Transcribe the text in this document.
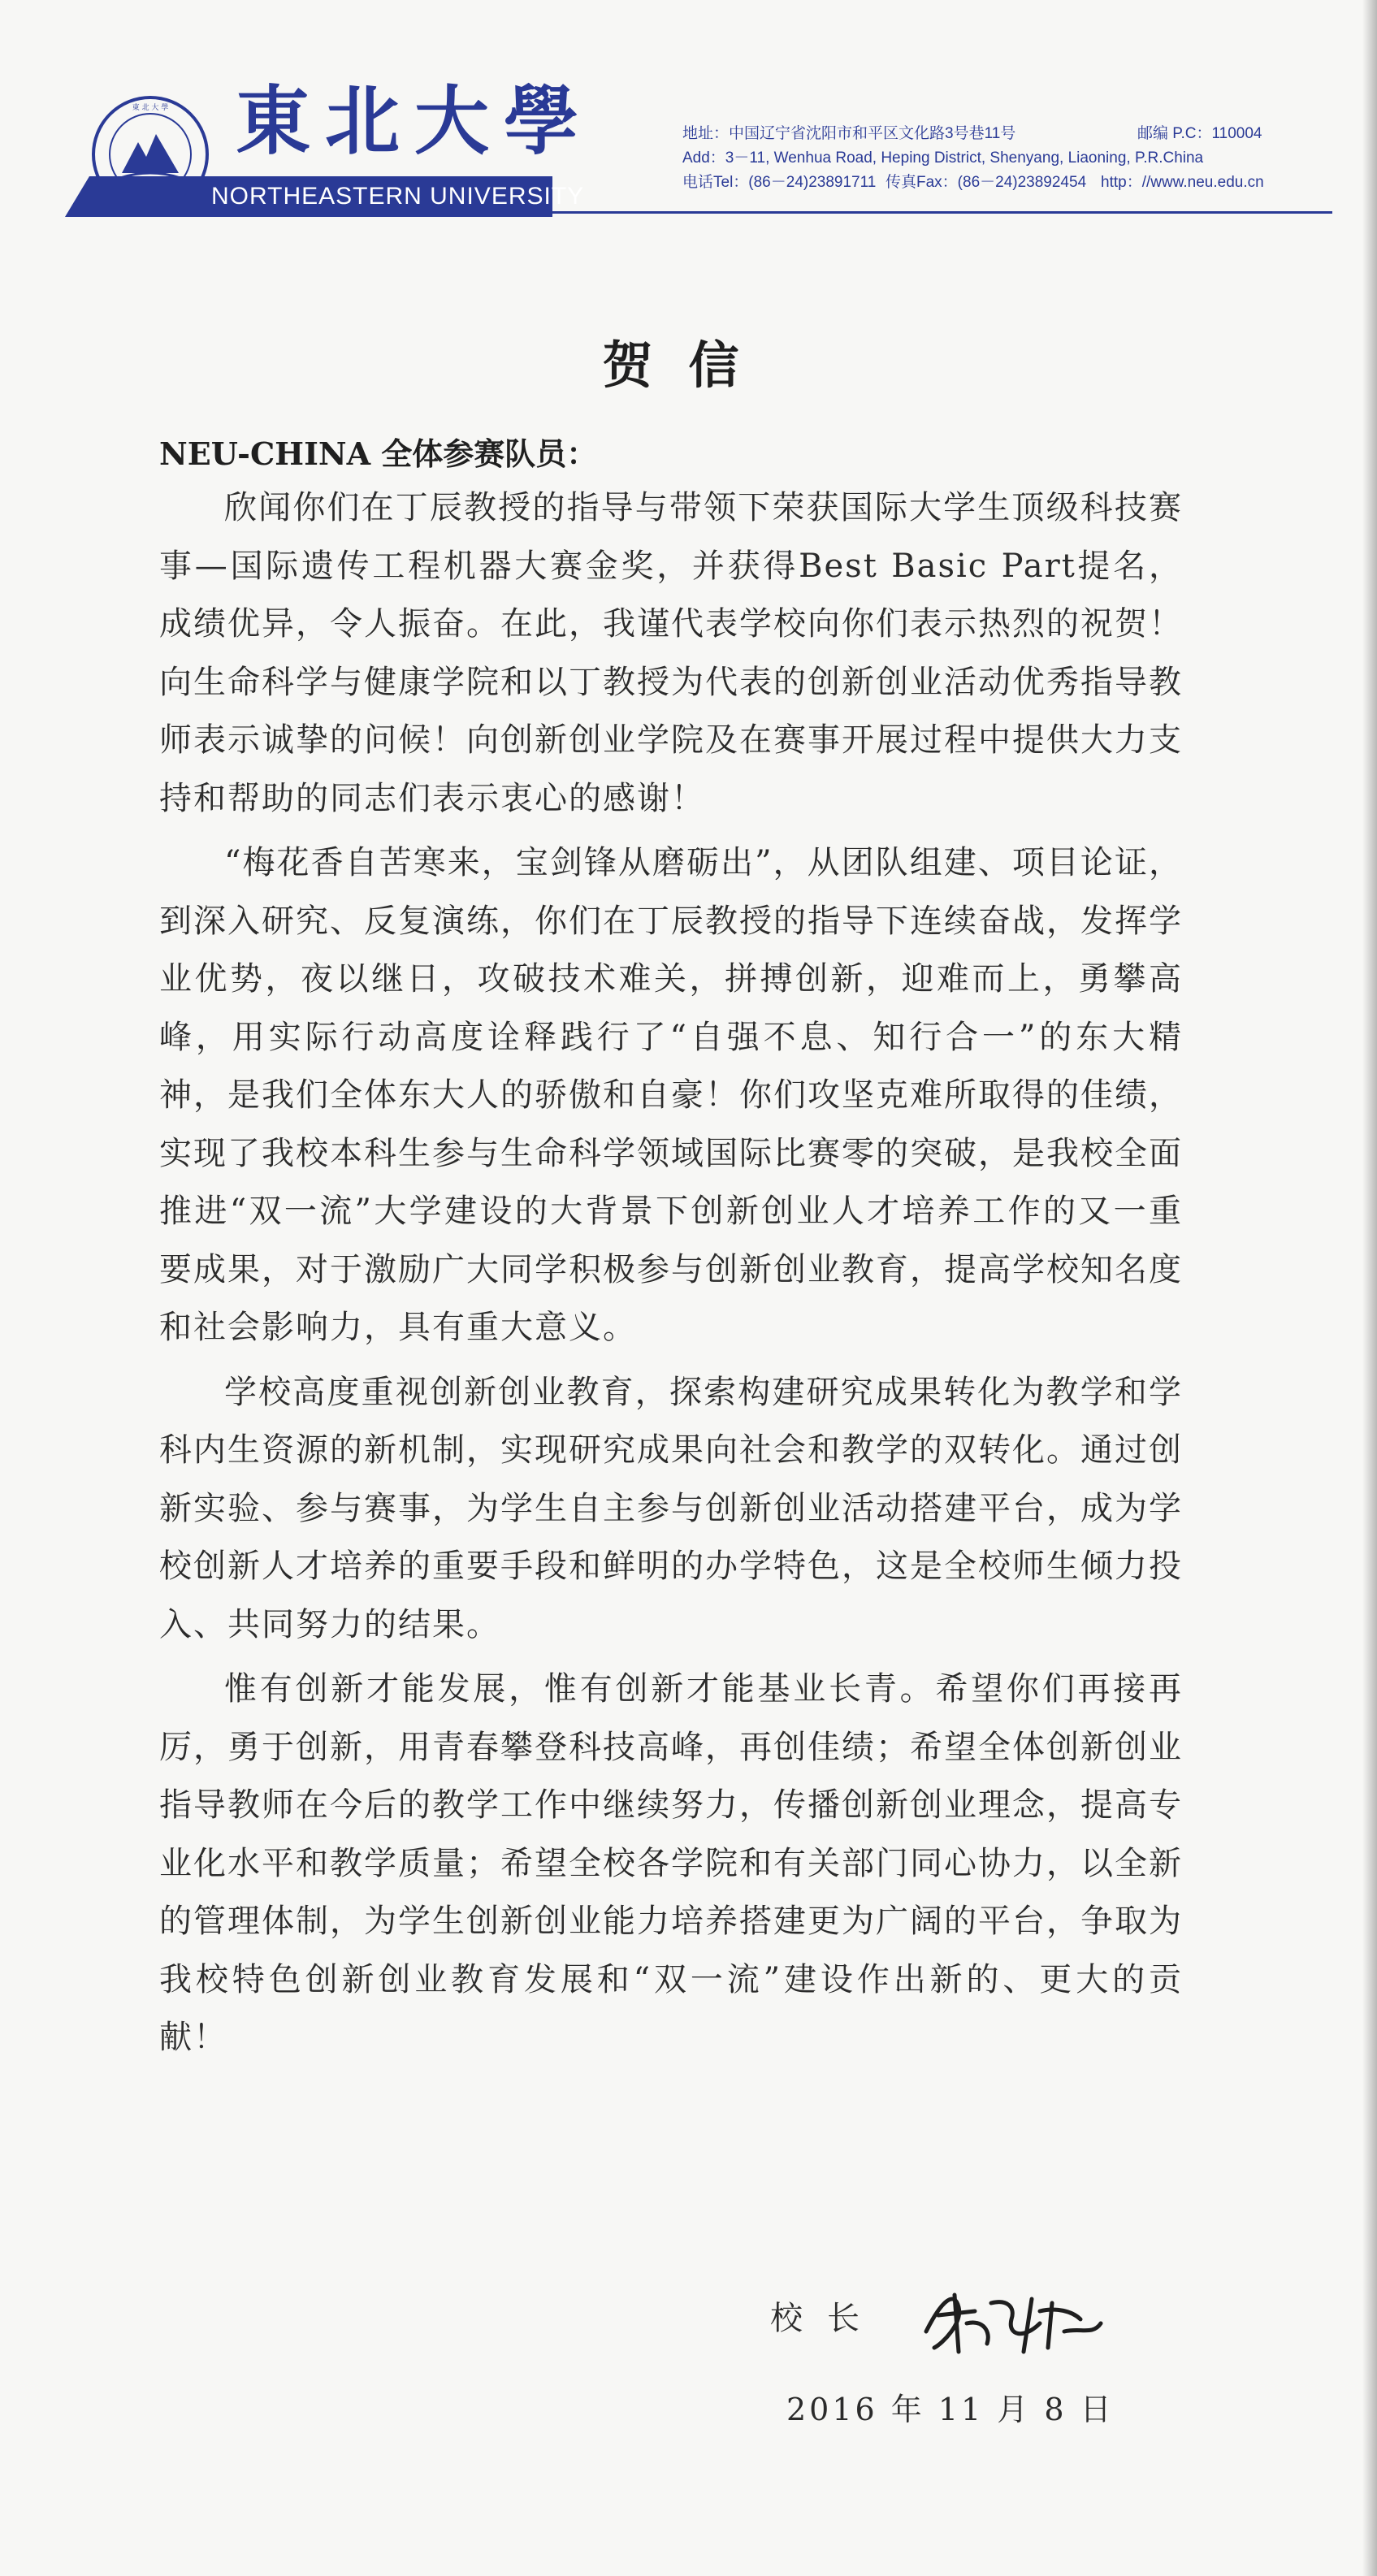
東 北 大 學 東北大學
NORTHEASTERN UNIVERSITY
地址：中国辽宁省沈阳市和平区文化路3号巷11号	邮编 P.C：110004
Add：3－11, Wenhua Road, Heping District, Shenyang, Liaoning, P.R.China
电话Tel：(86－24)23891711 传真Fax：(86－24)23892454 http：//www.neu.edu.cn
贺信

NEU-CHINA 全体参赛队员：

欣闻你们在丁辰教授的指导与带领下荣获国际大学生顶级科技赛事—国际遗传工程机器大赛金奖，并获得Best Basic Part提名，成绩优异，令人振奋。在此，我谨代表学校向你们表示热烈的祝贺！向生命科学与健康学院和以丁教授为代表的创新创业活动优秀指导教师表示诚挚的问候！向创新创业学院及在赛事开展过程中提供大力支持和帮助的同志们表示衷心的感谢！

“梅花香自苦寒来，宝剑锋从磨砺出”，从团队组建、项目论证，到深入研究、反复演练，你们在丁辰教授的指导下连续奋战，发挥学业优势，夜以继日，攻破技术难关，拼搏创新，迎难而上，勇攀高峰，用实际行动高度诠释践行了“自强不息、知行合一”的东大精神，是我们全体东大人的骄傲和自豪！你们攻坚克难所取得的佳绩，实现了我校本科生参与生命科学领域国际比赛零的突破，是我校全面推进“双一流”大学建设的大背景下创新创业人才培养工作的又一重要成果，对于激励广大同学积极参与创新创业教育，提高学校知名度和社会影响力，具有重大意义。

学校高度重视创新创业教育，探索构建研究成果转化为教学和学科内生资源的新机制，实现研究成果向社会和教学的双转化。通过创新实验、参与赛事，为学生自主参与创新创业活动搭建平台，成为学校创新人才培养的重要手段和鲜明的办学特色，这是全校师生倾力投入、共同努力的结果。

惟有创新才能发展，惟有创新才能基业长青。希望你们再接再厉，勇于创新，用青春攀登科技高峰，再创佳绩；希望全体创新创业指导教师在今后的教学工作中继续努力，传播创新创业理念，提高专业化水平和教学质量；希望全校各学院和有关部门同心协力，以全新的管理体制，为学生创新创业能力培养搭建更为广阔的平台，争取为我校特色创新创业教育发展和“双一流”建设作出新的、更大的贡献！

校长
2016 年 11 月 8 日
